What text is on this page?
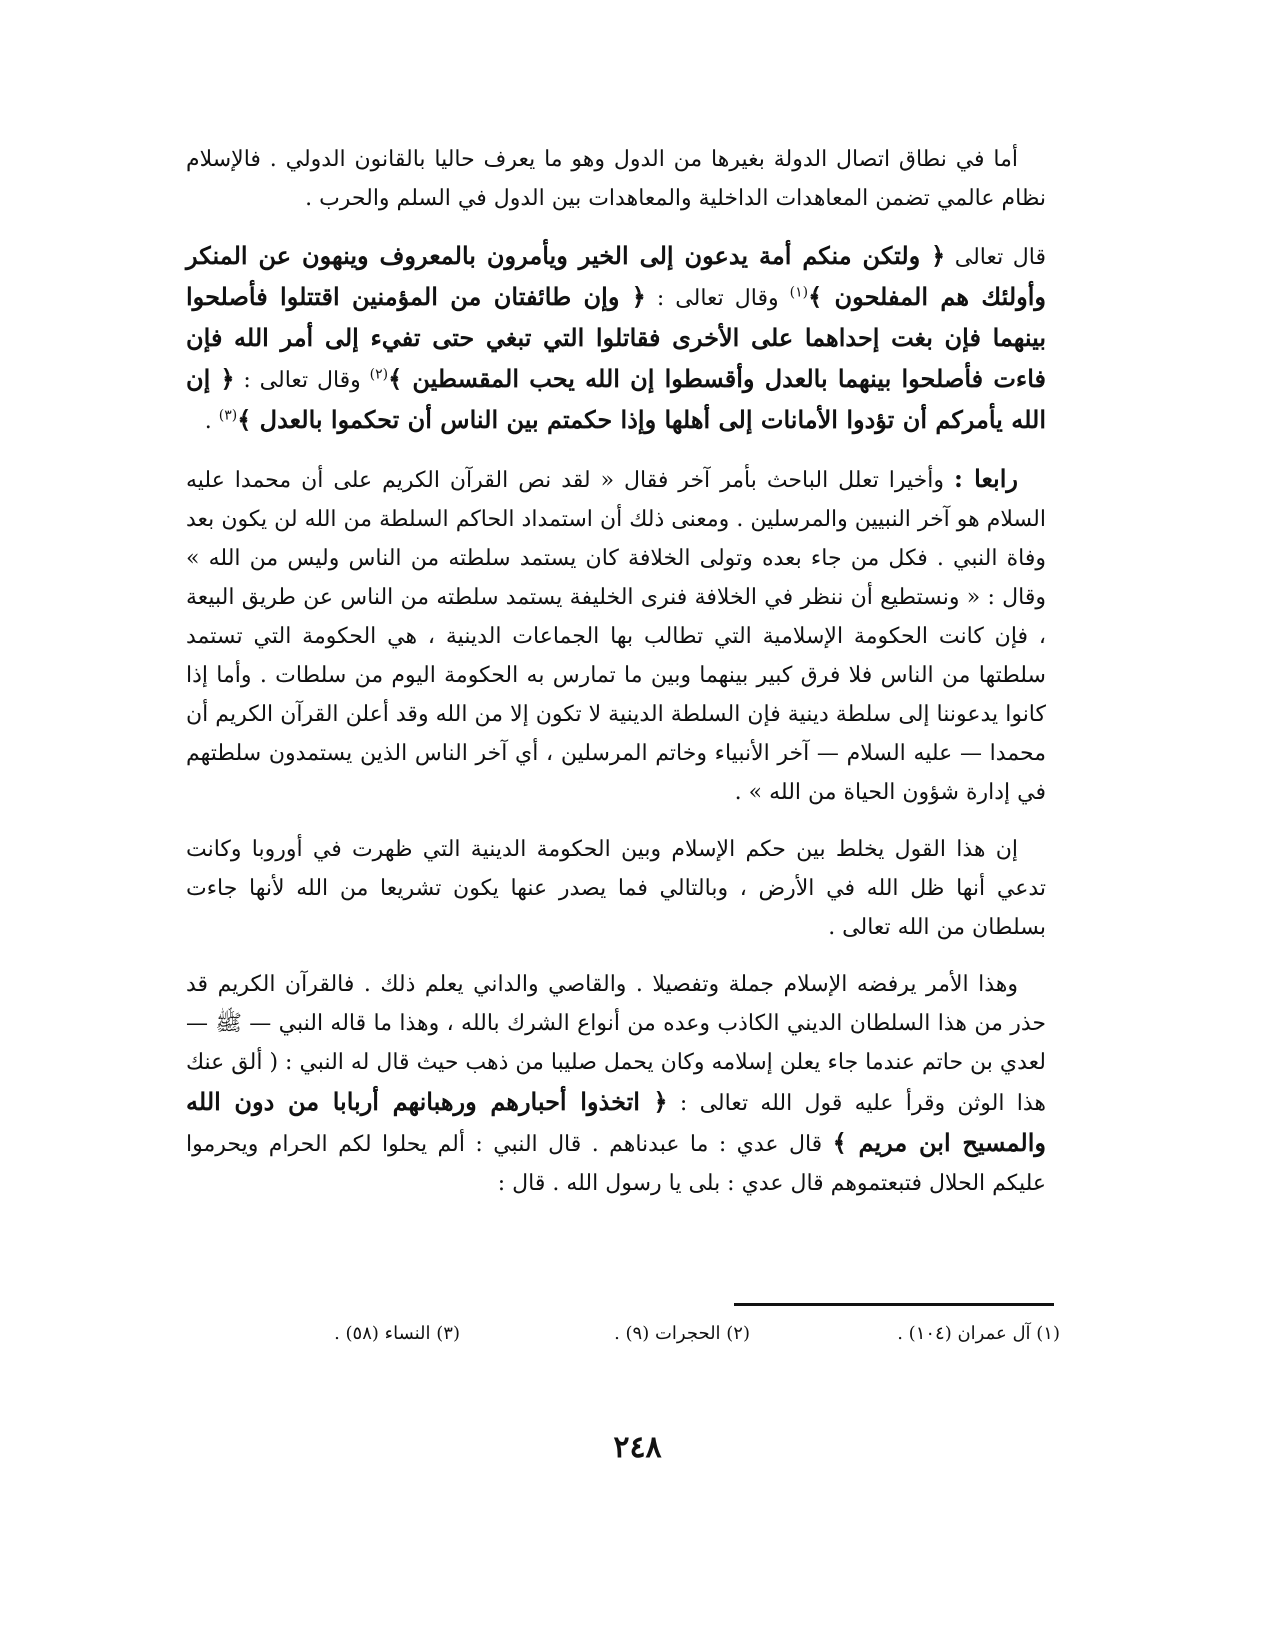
أما في نطاق اتصال الدولة بغيرها من الدول وهو ما يعرف حاليا بالقانون الدولي . فالإسلام نظام عالمي تضمن المعاهدات الداخلية والمعاهدات بين الدول في السلم والحرب .

قال تعالى ﴿ ولتكن منكم أمة يدعون إلى الخير ويأمرون بالمعروف وينهون عن المنكر وأولئك هم المفلحون ﴾$^{(١)}$ وقال تعالى : ﴿ وإن طائفتان من المؤمنين اقتتلوا فأصلحوا بينهما فإن بغت إحداهما على الأخرى فقاتلوا التي تبغي حتى تفيء إلى أمر الله فإن فاءت فأصلحوا بينهما بالعدل وأقسطوا إن الله يحب المقسطين ﴾$^{(٢)}$ وقال تعالى : ﴿ إن الله يأمركم أن تؤدوا الأمانات إلى أهلها وإذا حكمتم بين الناس أن تحكموا بالعدل ﴾$^{(٣)}$ .

رابعا : وأخيرا تعلل الباحث بأمر آخر فقال « لقد نص القرآن الكريم على أن محمدا عليه السلام هو آخر النبيين والمرسلين . ومعنى ذلك أن استمداد الحاكم السلطة من الله لن يكون بعد وفاة النبي . فكل من جاء بعده وتولى الخلافة كان يستمد سلطته من الناس وليس من الله » وقال : « ونستطيع أن ننظر في الخلافة فنرى الخليفة يستمد سلطته من الناس عن طريق البيعة ، فإن كانت الحكومة الإسلامية التي تطالب بها الجماعات الدينية ، هي الحكومة التي تستمد سلطتها من الناس فلا فرق كبير بينهما وبين ما تمارس به الحكومة اليوم من سلطات . وأما إذا كانوا يدعوننا إلى سلطة دينية فإن السلطة الدينية لا تكون إلا من الله وقد أعلن القرآن الكريم أن محمدا — عليه السلام — آخر الأنبياء وخاتم المرسلين ، أي آخر الناس الذين يستمدون سلطتهم في إدارة شؤون الحياة من الله » .

إن هذا القول يخلط بين حكم الإسلام وبين الحكومة الدينية التي ظهرت في أوروبا وكانت تدعي أنها ظل الله في الأرض ، وبالتالي فما يصدر عنها يكون تشريعا من الله لأنها جاءت بسلطان من الله تعالى .

وهذا الأمر يرفضه الإسلام جملة وتفصيلا . والقاصي والداني يعلم ذلك . فالقرآن الكريم قد حذر من هذا السلطان الديني الكاذب وعده من أنواع الشرك بالله ، وهذا ما قاله النبي — ﷺ — لعدي بن حاتم عندما جاء يعلن إسلامه وكان يحمل صليبا من ذهب حيث قال له النبي : ( ألق عنك هذا الوثن وقرأ عليه قول الله تعالى : ﴿ اتخذوا أحبارهم ورهبانهم أربابا من دون الله والمسيح ابن مريم ﴾ قال عدي : ما عبدناهم . قال النبي : ألم يحلوا لكم الحرام ويحرموا عليكم الحلال فتبعتموهم قال عدي : بلى يا رسول الله . قال :

(١) آل عمران (١٠٤) .
(٢) الحجرات (٩) .
(٣) النساء (٥٨) .
٢٤٨
